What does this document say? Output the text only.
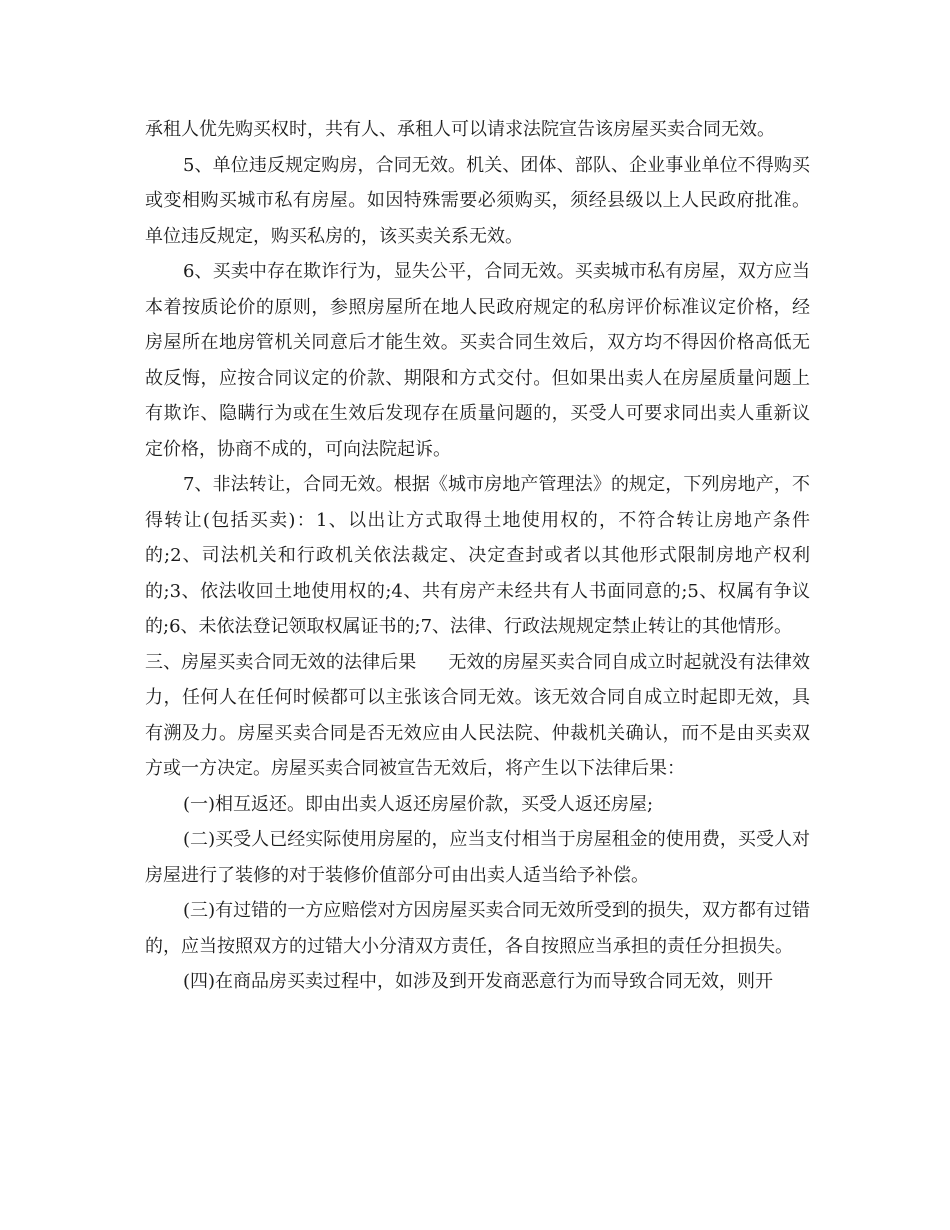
承租人优先购买权时，共有人、承租人可以请求法院宣告该房屋买卖合同无效。

5、单位违反规定购房，合同无效。机关、团体、部队、企业事业单位不得购买或变相购买城市私有房屋。如因特殊需要必须购买，须经县级以上人民政府批准。单位违反规定，购买私房的，该买卖关系无效。

6、买卖中存在欺诈行为，显失公平，合同无效。买卖城市私有房屋，双方应当本着按质论价的原则，参照房屋所在地人民政府规定的私房评价标准议定价格，经房屋所在地房管机关同意后才能生效。买卖合同生效后，双方均不得因价格高低无故反悔，应按合同议定的价款、期限和方式交付。但如果出卖人在房屋质量问题上有欺诈、隐瞒行为或在生效后发现存在质量问题的，买受人可要求同出卖人重新议定价格，协商不成的，可向法院起诉。

7、非法转让，合同无效。根据《城市房地产管理法》的规定，下列房地产，不得转让(包括买卖)：1、以出让方式取得土地使用权的，不符合转让房地产条件的;2、司法机关和行政机关依法裁定、决定查封或者以其他形式限制房地产权利的;3、依法收回土地使用权的;4、共有房产未经共有人书面同意的;5、权属有争议的;6、未依法登记领取权属证书的;7、法律、行政法规规定禁止转让的其他情形。

三、房屋买卖合同无效的法律后果 无效的房屋买卖合同自成立时起就没有法律效力，任何人在任何时候都可以主张该合同无效。该无效合同自成立时起即无效，具有溯及力。房屋买卖合同是否无效应由人民法院、仲裁机关确认，而不是由买卖双方或一方决定。房屋买卖合同被宣告无效后，将产生以下法律后果：

(一)相互返还。即由出卖人返还房屋价款，买受人返还房屋;

(二)买受人已经实际使用房屋的，应当支付相当于房屋租金的使用费，买受人对房屋进行了装修的对于装修价值部分可由出卖人适当给予补偿。

(三)有过错的一方应赔偿对方因房屋买卖合同无效所受到的损失，双方都有过错的，应当按照双方的过错大小分清双方责任，各自按照应当承担的责任分担损失。

(四)在商品房买卖过程中，如涉及到开发商恶意行为而导致合同无效，则开
